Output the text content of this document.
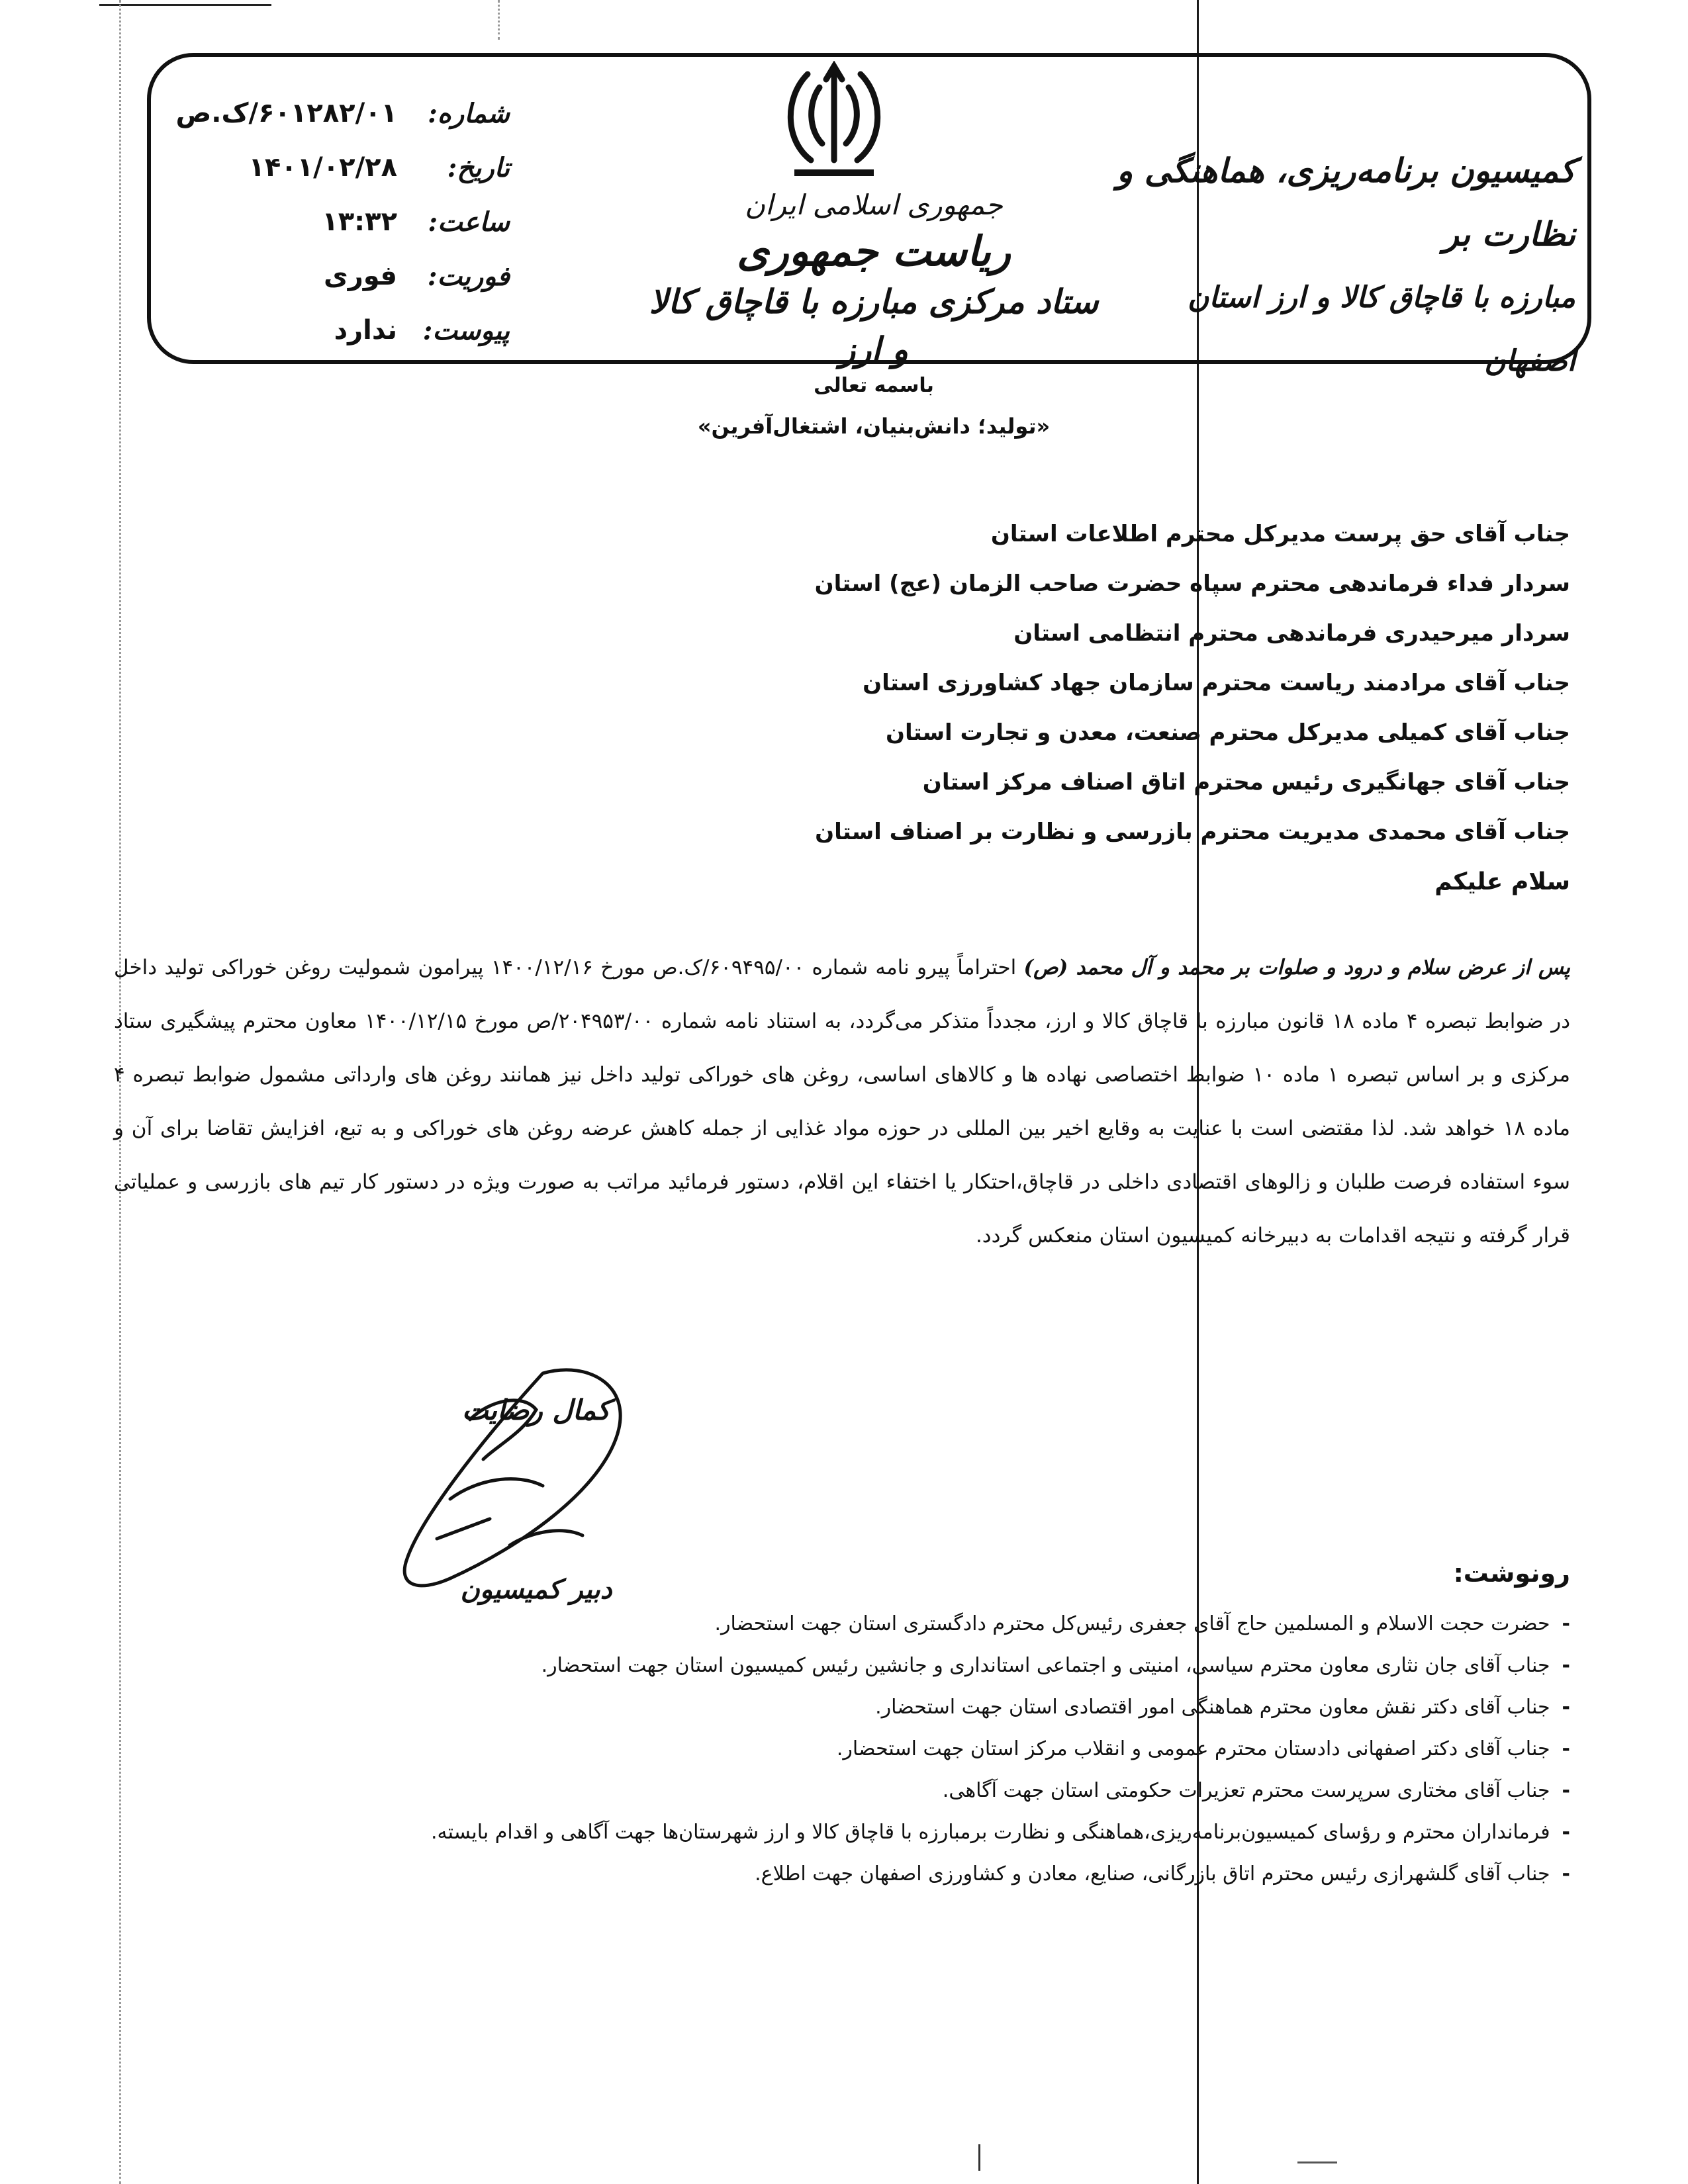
جمهوری اسلامی ایران
ریاست جمهوری
ستاد مرکزی مبارزه با قاچاق کالا و ارز
کمیسیون برنامه‌ریزی، هماهنگی و نظارت بر
مبارزه با قاچاق کالا و ارز استان اصفهان
شماره:
۶۰۱۲۸۲/۰۱/ک‌.ص
تاریخ:
۱۴۰۱/۰۲/۲۸
ساعت:
۱۳:۳۲
فوریت:
فوری
پیوست:
ندارد
باسمه تعالی
«تولید؛ دانش‌بنیان، اشتغال‌آفرین»
جناب آقای حق پرست مدیرکل محترم اطلاعات استان
سردار فداء فرماندهی محترم سپاه حضرت صاحب الزمان (عج) استان
سردار میرحیدری فرماندهی محترم انتظامی استان
جناب آقای مرادمند ریاست محترم سازمان جهاد کشاورزی استان
جناب آقای کمیلی مدیرکل محترم صنعت، معدن و تجارت استان
جناب آقای جهانگیری رئیس محترم اتاق اصناف مرکز استان
جناب آقای محمدی مدیریت محترم بازرسی و نظارت بر اصناف استان
سلام علیکم
پس از عرض سلام و درود و صلوات بر محمد و آل محمد (ص) احتراماً پیرو نامه شماره ۶۰۹۴۹۵/۰۰/ک.ص مورخ ۱۴۰۰/۱۲/۱۶ پیرامون شمولیت روغن خوراکی تولید داخل در ضوابط تبصره ۴ ماده ۱۸ قانون مبارزه با قاچاق کالا و ارز، مجدداً متذکر می‌گردد، به استناد نامه شماره ۲۰۴۹۵۳/۰۰/ص مورخ ۱۴۰۰/۱۲/۱۵ معاون محترم پیشگیری ستاد مرکزی و بر اساس تبصره ۱ ماده ۱۰ ضوابط اختصاصی نهاده ها و کالاهای اساسی، روغن های خوراکی تولید داخل نیز همانند روغن های وارداتی مشمول ضوابط تبصره ۴ ماده ۱۸ خواهد شد. لذا مقتضی است با عنایت به وقایع اخیر بین المللی در حوزه مواد غذایی از جمله کاهش عرضه روغن های خوراکی و به تبع، افزایش تقاضا برای آن و سوء استفاده فرصت طلبان و زالوهای اقتصادی داخلی در قاچاق،احتکار یا اختفاء این اقلام، دستور فرمائید مراتب به صورت ویژه در دستور کار تیم های بازرسی و عملیاتی قرار گرفته و نتیجه اقدامات به دبیرخانه کمیسیون استان منعکس گردد.
کمال رضایت
دبیر کمیسیون
رونوشت:
-حضرت حجت الاسلام و المسلمین حاج آقای جعفری رئیس‌کل محترم دادگستری استان جهت استحضار.
-جناب آقای جان نثاری معاون محترم سیاسی، امنیتی و اجتماعی استانداری و جانشین رئیس کمیسیون استان جهت استحضار.
-جناب آقای دکتر نقش معاون محترم هماهنگی امور اقتصادی استان جهت استحضار.
-جناب آقای دکتر اصفهانی دادستان محترم عمومی و انقلاب مرکز استان جهت استحضار.
-جناب آقای مختاری سرپرست محترم تعزیرات حکومتی استان جهت آگاهی.
-فرمانداران محترم و رؤسای کمیسیون‌برنامه‌ریزی،هماهنگی و نظارت برمبارزه با قاچاق کالا و ارز شهرستان‌ها جهت آگاهی و اقدام بایسته.
-جناب آقای گلشهرازی رئیس محترم اتاق بازرگانی، صنایع، معادن و کشاورزی اصفهان جهت اطلاع.
